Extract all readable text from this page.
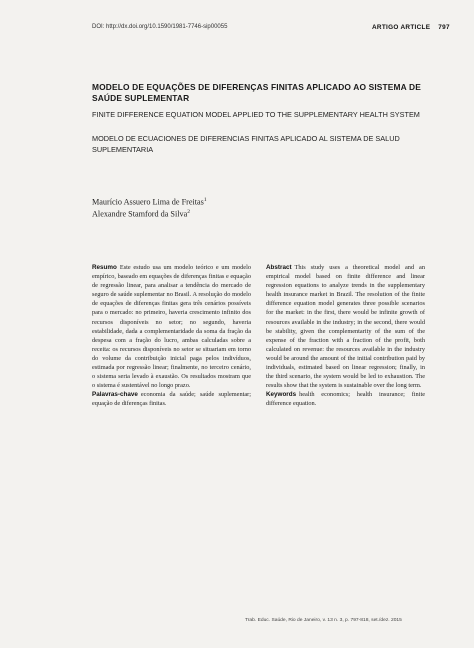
DOI: http://dx.doi.org/10.1590/1981-7746-sip00055	ARTIGO ARTICLE 797
MODELO DE EQUAÇÕES DE DIFERENÇAS FINITAS APLICADO AO SISTEMA DE SAÚDE SUPLEMENTAR
FINITE DIFFERENCE EQUATION MODEL APPLIED TO THE SUPPLEMENTARY HEALTH SYSTEM
MODELO DE ECUACIONES DE DIFERENCIAS FINITAS APLICADO AL SISTEMA DE SALUD SUPLEMENTARIA
Maurício Assuero Lima de Freitas$^1$
Alexandre Stamford da Silva$^2$
Resumo Este estudo usa um modelo teórico e um modelo empírico, baseado em equações de diferenças finitas e equação de regressão linear, para analisar a tendência do mercado de seguro de saúde suplementar no Brasil. A resolução do modelo de equações de diferenças finitas gera três cenários possíveis para o mercado: no primeiro, haveria crescimento infinito dos recursos disponíveis no setor; no segundo, haveria estabilidade, dada a complementaridade da soma da fração da despesa com a fração do lucro, ambas calculadas sobre a receita: os recursos disponíveis no setor se situariam em torno do volume da contribuição inicial paga pelos indivíduos, estimada por regressão linear; finalmente, no terceiro cenário, o sistema seria levado à exaustão. Os resultados mostram que o sistema é sustentável no longo prazo.
Palavras-chave economia da saúde; saúde suplementar; equação de diferenças finitas.
Abstract This study uses a theoretical model and an empirical model based on finite difference and linear regression equations to analyze trends in the supplementary health insurance market in Brazil. The resolution of the finite difference equation model generates three possible scenarios for the market: in the first, there would be infinite growth of resources available in the industry; in the second, there would be stability, given the complementarity of the sum of the expense of the fraction with a fraction of the profit, both calculated on revenue: the resources available in the industry would be around the amount of the initial contribution paid by individuals, estimated based on linear regression; finally, in the third scenario, the system would be led to exhaustion. The results show that the system is sustainable over the long term.
Keywords health economics; health insurance; finite difference equation.
Trab. Educ. Saúde, Rio de Janeiro, v. 13 n. 3, p. 797-818, set./dez. 2015
